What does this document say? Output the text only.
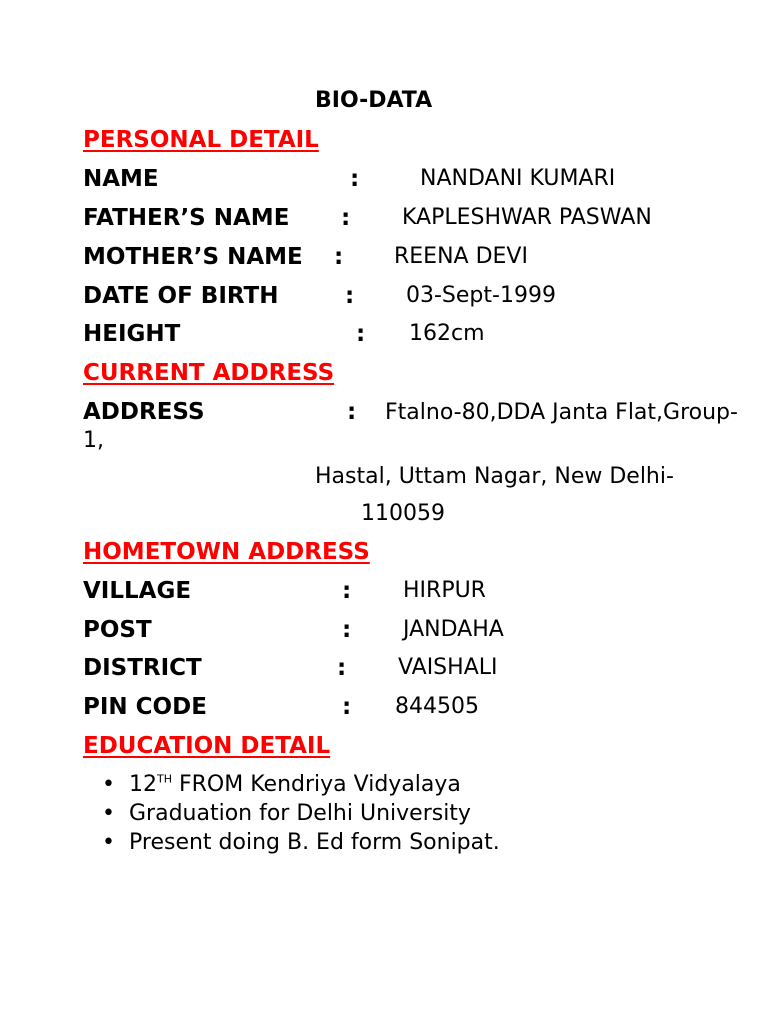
BIO-DATA
PERSONAL DETAIL
NAME	:	NANDANI KUMARI
FATHER’S NAME : KAPLESHWAR PASWAN
MOTHER’S NAME : REENA DEVI
DATE OF BIRTH	: 03-Sept-1999
HEIGHT	: 162cm
CURRENT ADDRESS
ADDRESS	: Ftalno-80,DDA Janta Flat,Group-
1,
Hastal, Uttam Nagar, New Delhi-
110059
HOMETOWN ADDRESS
VILLAGE	: HIRPUR
POST	: JANDAHA
DISTRICT	: VAISHALI
PIN CODE	: 844505
EDUCATION DETAIL
• 12TH FROM Kendriya Vidyalaya
• Graduation for Delhi University
• Present doing B. Ed form Sonipat.
